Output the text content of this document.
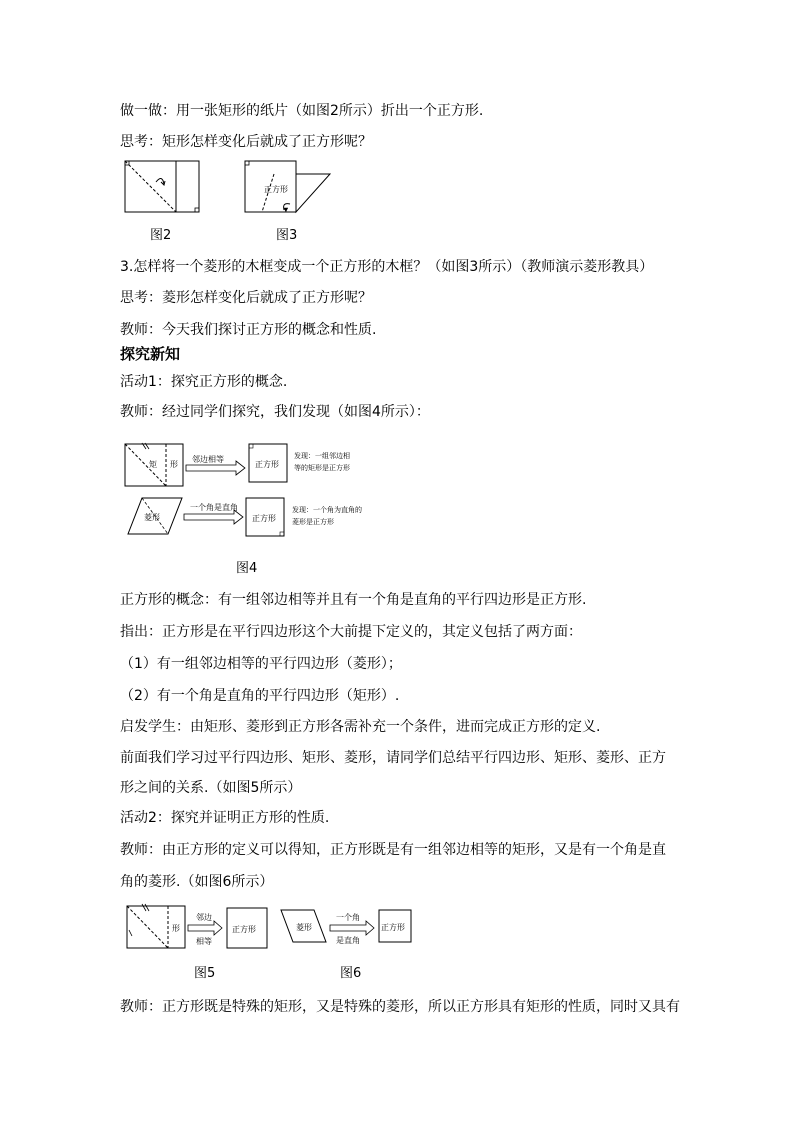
做一做：用一张矩形的纸片（如图2所示）折出一个正方形.
思考：矩形怎样变化后就成了正方形呢？
正方形
图2	图3
3.怎样将一个菱形的木框变成一个正方形的木框？（如图3所示）（教师演示菱形教具）
思考：菱形怎样变化后就成了正方形呢？
教师：今天我们探讨正方形的概念和性质.
探究新知
活动1：探究正方形的概念.
教师：经过同学们探究，我们发现（如图4所示）：
矩 形
邻边相等
正方形
发现：一组邻边相
等的矩形是正方形
菱形
一个角是直角
正方形
发现：一个角为直角的
菱形是正方形
图4
正方形的概念：有一组邻边相等并且有一个角是直角的平行四边形是正方形.
指出：正方形是在平行四边形这个大前提下定义的，其定义包括了两方面：
（1）有一组邻边相等的平行四边形（菱形）；
（2）有一个角是直角的平行四边形（矩形）.
启发学生：由矩形、菱形到正方形各需补充一个条件，进而完成正方形的定义.
前面我们学习过平行四边形、矩形、菱形，请同学们总结平行四边形、矩形、菱形、正方
形之间的关系.（如图5所示）
活动2：探究并证明正方形的性质.
教师：由正方形的定义可以得知，正方形既是有一组邻边相等的矩形，又是有一个角是直
角的菱形.（如图6所示）
形
邻边
相等
正方形	菱形
一个角
是直角
正方形
图5	图6
教师：正方形既是特殊的矩形，又是特殊的菱形，所以正方形具有矩形的性质，同时又具有
